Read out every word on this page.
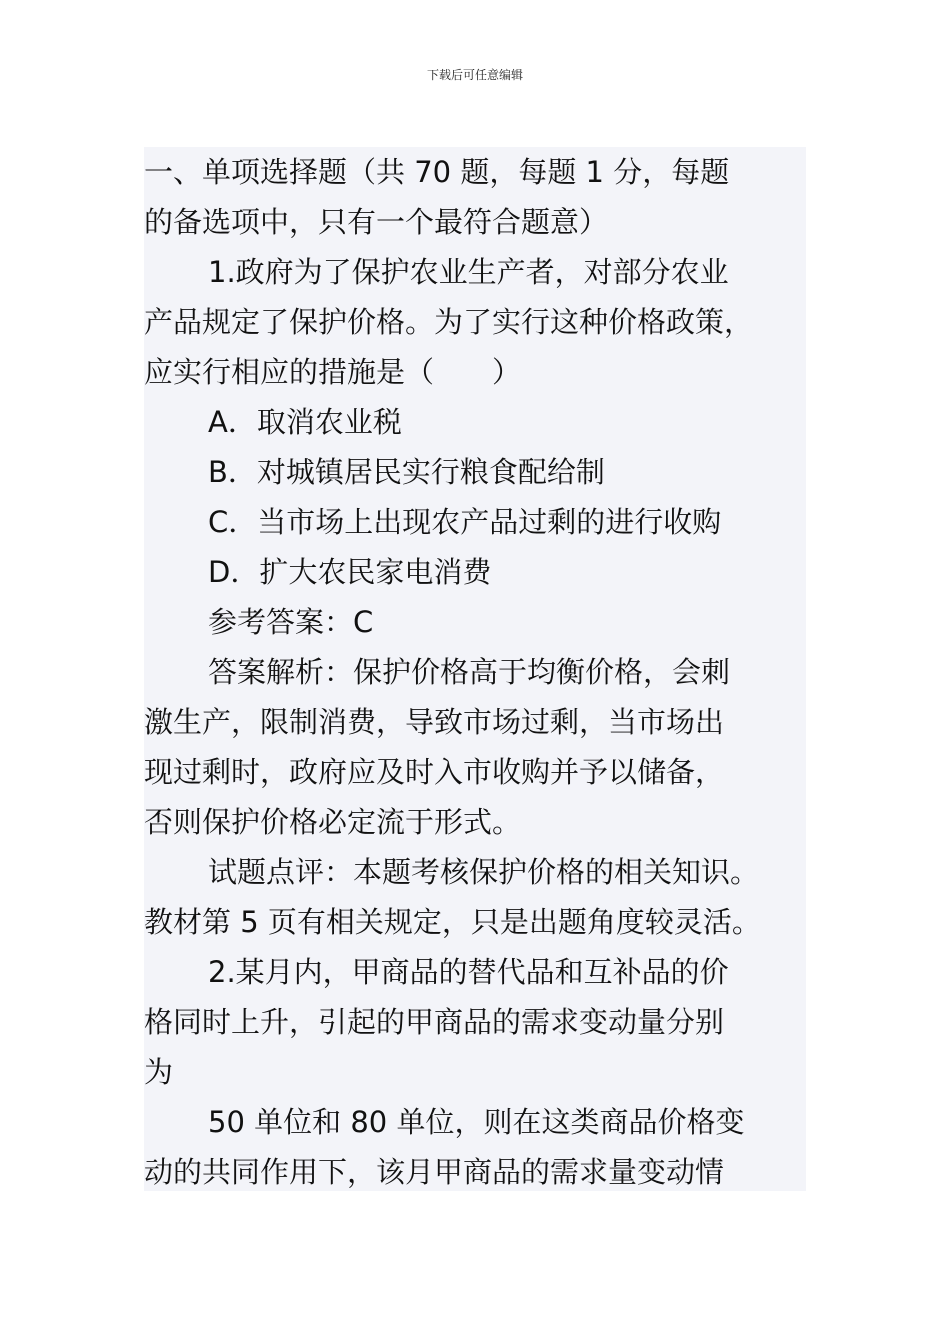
下载后可任意编辑
一、单项选择题（共 70 题，每题 1 分，每题
的备选项中，只有一个最符合题意）
1.政府为了保护农业生产者，对部分农业
产品规定了保护价格。为了实行这种价格政策，
应实行相应的措施是（　　）
A．取消农业税
B．对城镇居民实行粮食配给制
C．当市场上出现农产品过剩的进行收购
D．扩大农民家电消费
参考答案：C
答案解析：保护价格高于均衡价格，会刺
激生产，限制消费，导致市场过剩，当市场出
现过剩时，政府应及时入市收购并予以储备，
否则保护价格必定流于形式。
试题点评：本题考核保护价格的相关知识。
教材第 5 页有相关规定，只是出题角度较灵活。
2.某月内，甲商品的替代品和互补品的价
格同时上升，引起的甲商品的需求变动量分别
为
50 单位和 80 单位，则在这类商品价格变
动的共同作用下，该月甲商品的需求量变动情
